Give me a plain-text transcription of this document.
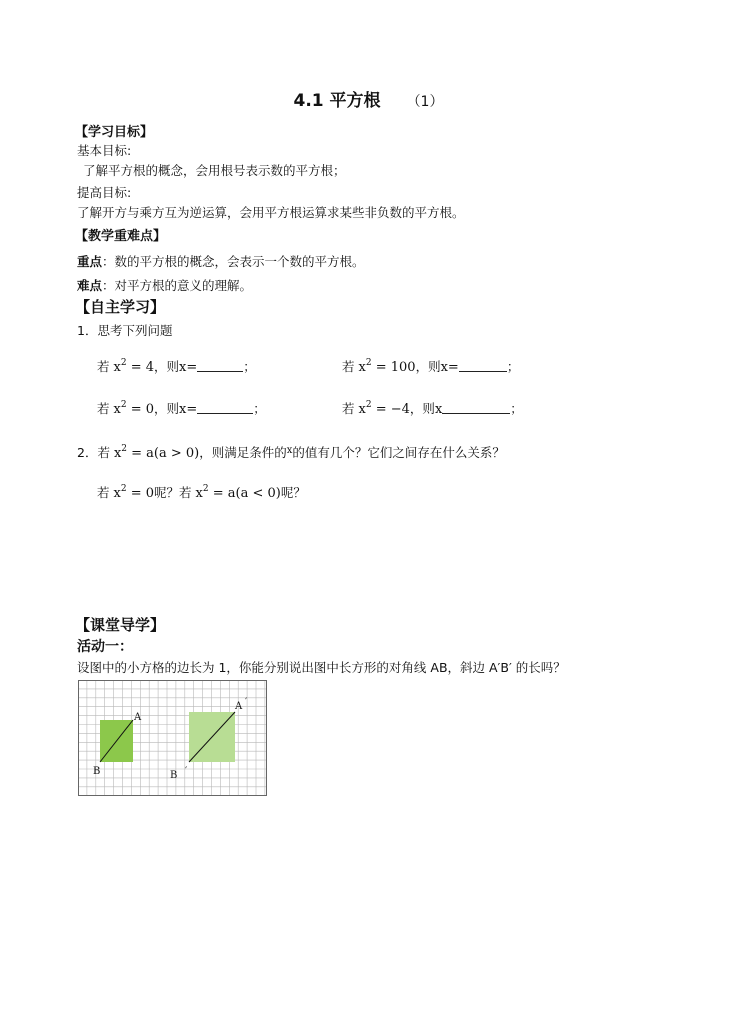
4.1 平方根 （1）
【学习目标】
基本目标:
了解平方根的概念，会用根号表示数的平方根；
提高目标:
了解开方与乘方互为逆运算，会用平方根运算求某些非负数的平方根。
【教学重难点】
重点：数的平方根的概念，会表示一个数的平方根。
难点：对平方根的意义的理解。
【自主学习】
1．思考下列问题
若 $x^2 = 4$，则x=	；	若 $x^2 = 100$，则x=	；
若 $x^2 = 0$，则x=	；	若 $x^2 = -4$，则x	；
2．若 $x^2 = a(a > 0)$，则满足条件的$^x$的值有几个？它们之间存在什么关系？
若 $x^2 = 0$呢？若 $x^2 = a(a < 0)$呢？
【课堂导学】
活动一：
设图中的小方格的边长为 1，你能分别说出图中长方形的对角线 AB，斜边 A′B′ 的长吗？
A
B
A ′
B ′
